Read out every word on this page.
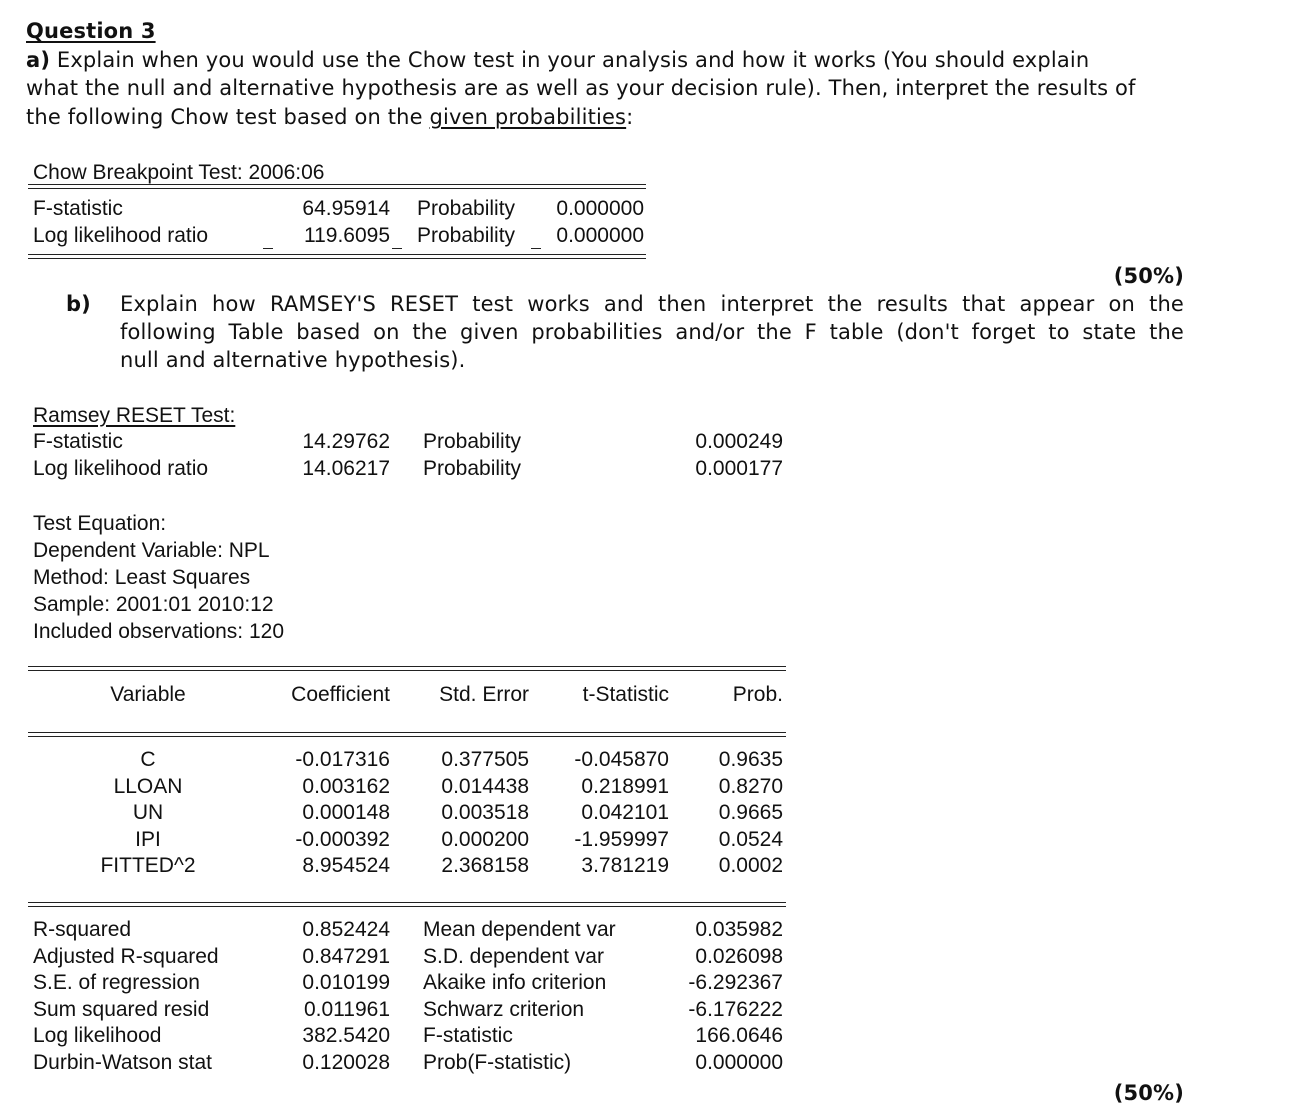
Question 3
a) Explain when you would use the Chow test in your analysis and how it works (You should explain
what the null and alternative hypothesis are as well as your decision rule). Then, interpret the results of
the following Chow test based on the given probabilities:
Chow Breakpoint Test: 2006:06
F-statistic	64.95914 Probability	0.000000
Log likelihood ratio	119.6095 Probability	0.000000
(50%)
b) Explain how RAMSEY'S RESET test works and then interpret the results that appear on the
following Table based on the given probabilities and/or the F table (don't forget to state the
null and alternative hypothesis).
Ramsey RESET Test:
F-statistic	14.29762 Probability	0.000249
Log likelihood ratio	14.06217 Probability	0.000177
Test Equation:
Dependent Variable: NPL
Method: Least Squares
Sample: 2001:01 2010:12
Included observations: 120
Variable	Coefficient	Std. Error	t-Statistic	Prob.
C	-0.017316	0.377505	-0.045870	0.9635
LLOAN	0.003162	0.014438	0.218991	0.8270
UN	0.000148	0.003518	0.042101	0.9665
IPI	-0.000392	0.000200	-1.959997	0.0524
FITTED^2	8.954524	2.368158	3.781219	0.0002
R-squared	0.852424 Mean dependent var	0.035982
Adjusted R-squared	0.847291 S.D. dependent var	0.026098
S.E. of regression	0.010199 Akaike info criterion	-6.292367
Sum squared resid	0.011961 Schwarz criterion	-6.176222
Log likelihood	382.5420 F-statistic	166.0646
Durbin-Watson stat	0.120028 Prob(F-statistic)	0.000000
(50%)
